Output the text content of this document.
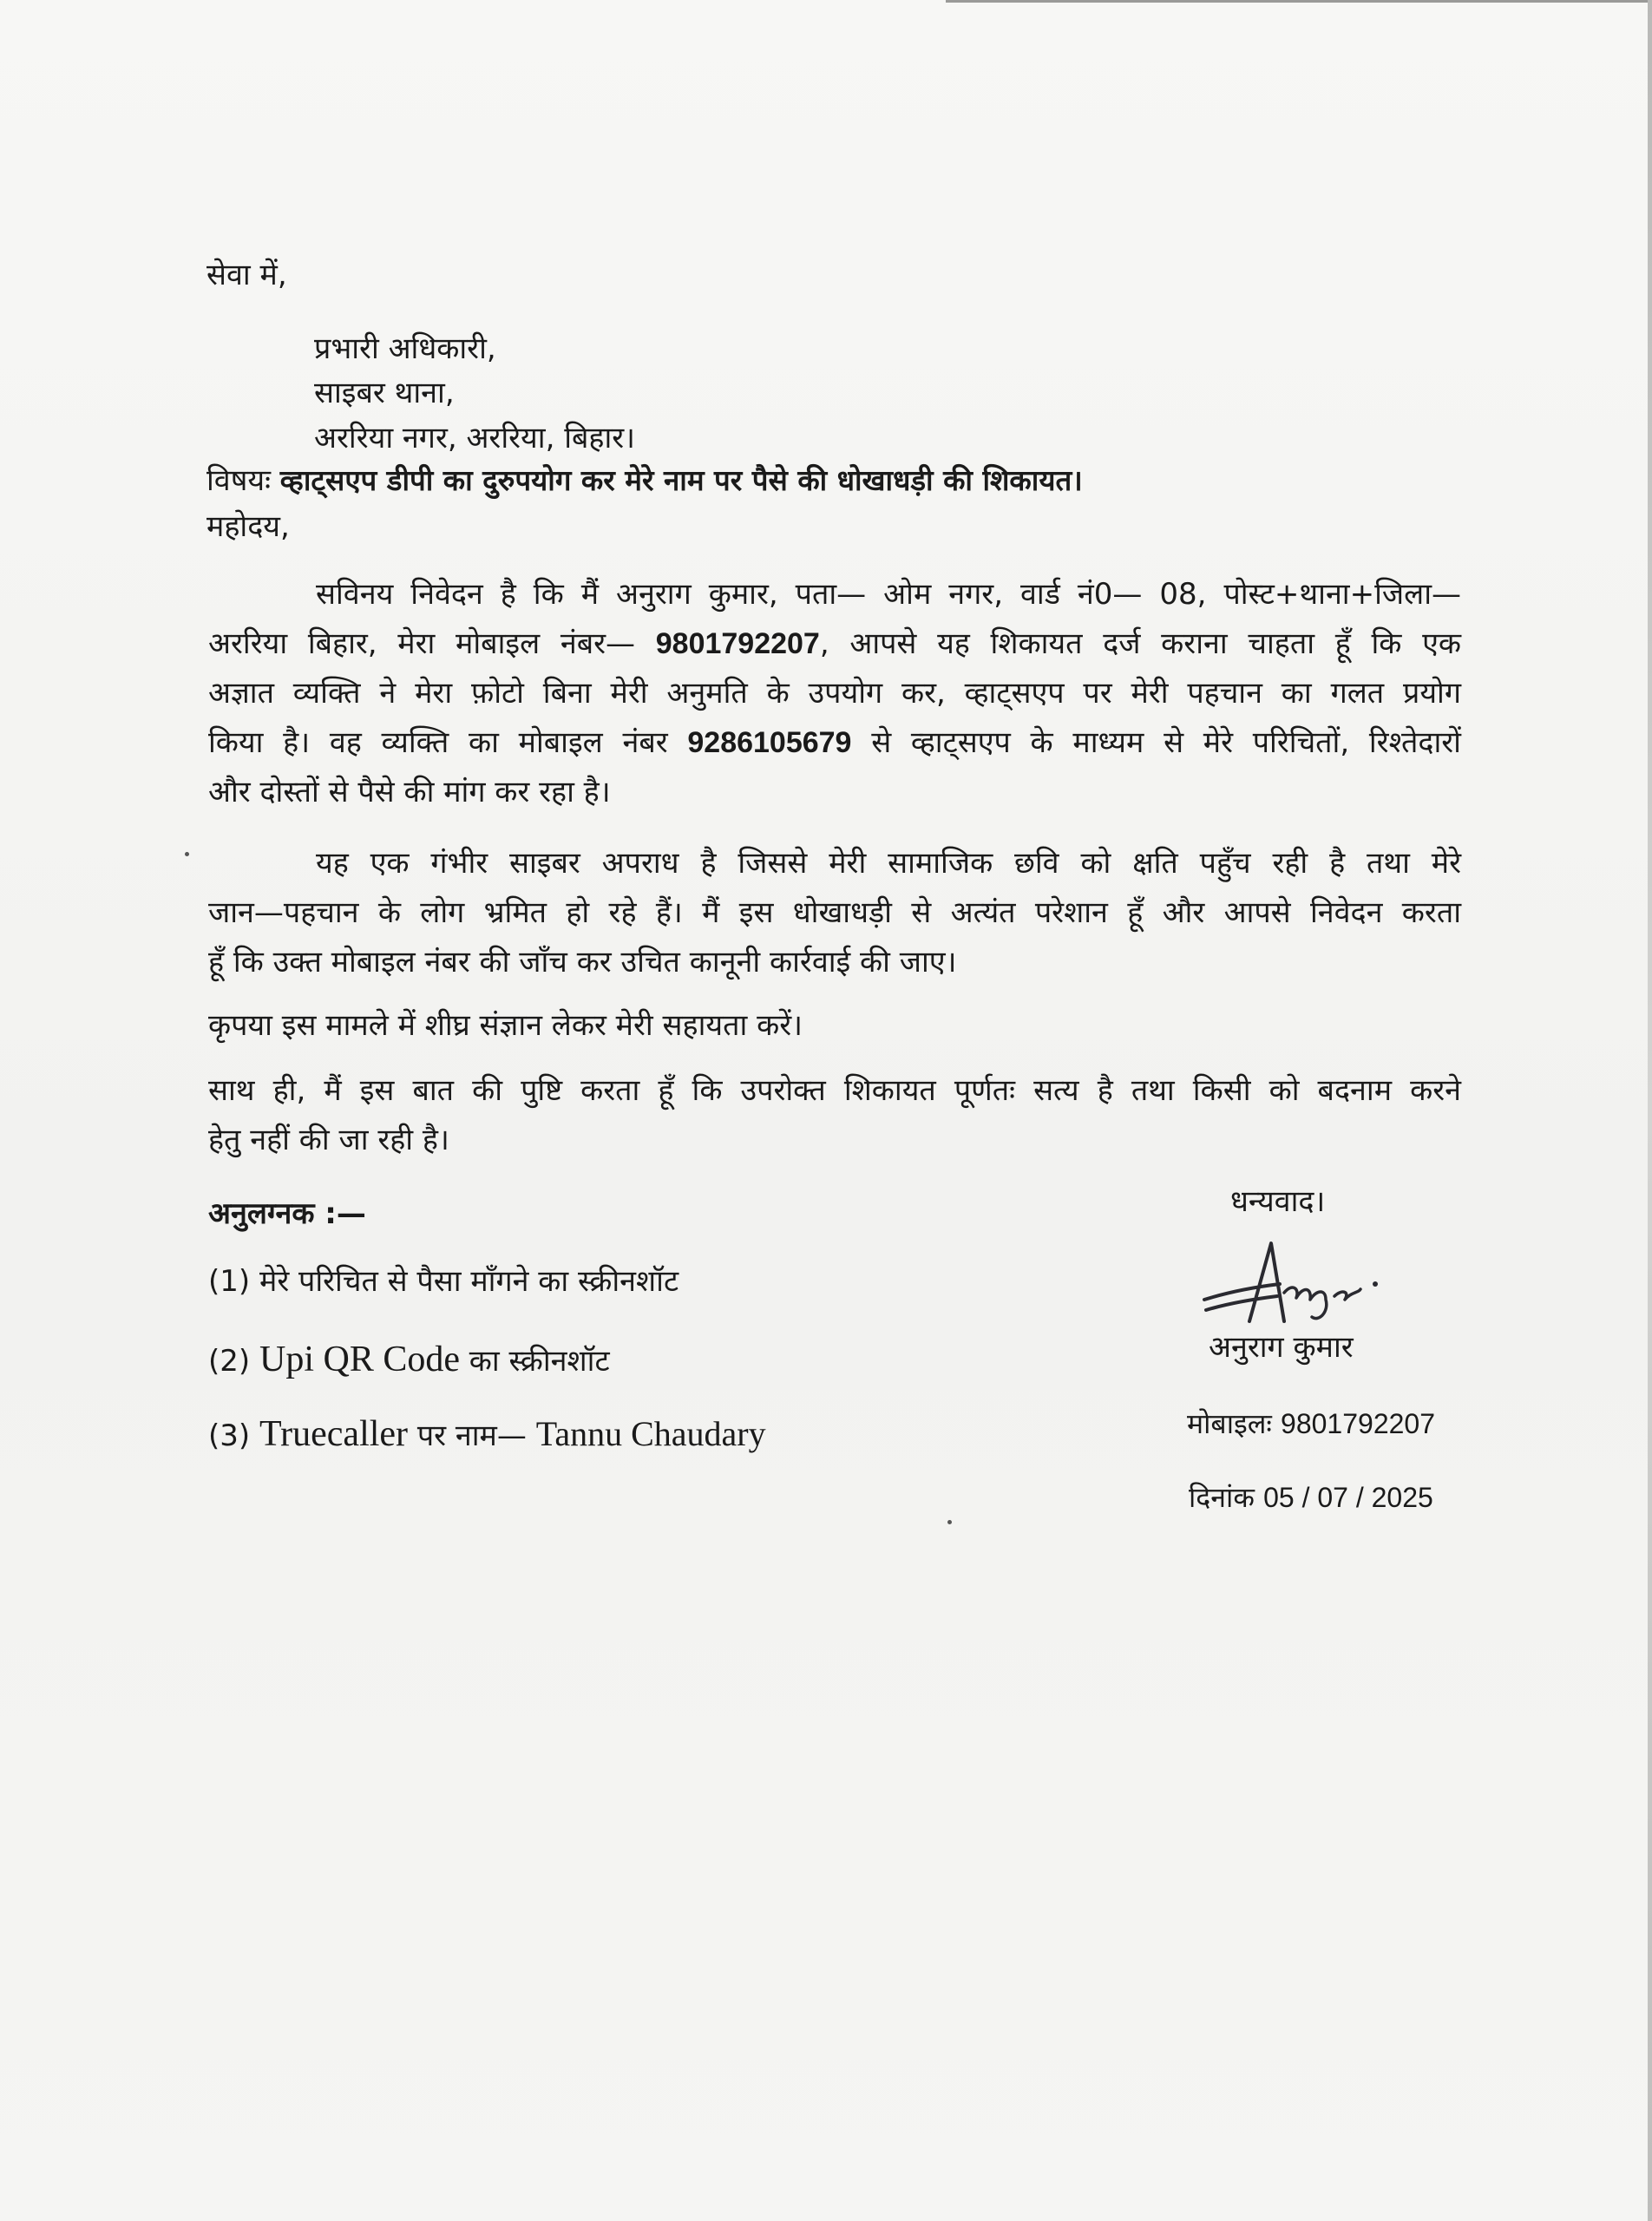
सेवा में,
प्रभारी अधिकारी,
साइबर थाना,
अररिया नगर, अररिया, बिहार।
विषयः व्हाट्सएप डीपी का दुरुपयोग कर मेरे नाम पर पैसे की धोखाधड़ी की शिकायत।
महोदय,
सविनय निवेदन है कि मैं अनुराग कुमार, पता— ओम नगर, वार्ड नं0— 08, पोस्ट+थाना+जिला—
अररिया बिहार, मेरा मोबाइल नंबर— 9801792207, आपसे यह शिकायत दर्ज कराना चाहता हूँ कि एक
अज्ञात व्यक्ति ने मेरा फ़ोटो बिना मेरी अनुमति के उपयोग कर, व्हाट्सएप पर मेरी पहचान का गलत प्रयोग
किया है। वह व्यक्ति का मोबाइल नंबर 9286105679 से व्हाट्सएप के माध्यम से मेरे परिचितों, रिश्तेदारों
और दोस्तों से पैसे की मांग कर रहा है।
यह एक गंभीर साइबर अपराध है जिससे मेरी सामाजिक छवि को क्षति पहुँच रही है तथा मेरे
जान—पहचान के लोग भ्रमित हो रहे हैं। मैं इस धोखाधड़ी से अत्यंत परेशान हूँ और आपसे निवेदन करता
हूँ कि उक्त मोबाइल नंबर की जाँच कर उचित कानूनी कार्रवाई की जाए।
कृपया इस मामले में शीघ्र संज्ञान लेकर मेरी सहायता करें।
साथ ही, मैं इस बात की पुष्टि करता हूँ कि उपरोक्त शिकायत पूर्णतः सत्य है तथा किसी को बदनाम करने
हेतु नहीं की जा रही है।
अनुलग्नक :—
(1) मेरे परिचित से पैसा माँगने का स्क्रीनशॉट
(2) Upi QR Code का स्क्रीनशॉट
(3) Truecaller पर नाम— Tannu Chaudary
धन्यवाद।
अनुराग कुमार
मोबाइलः 9801792207
दिनांक 05 / 07 / 2025
